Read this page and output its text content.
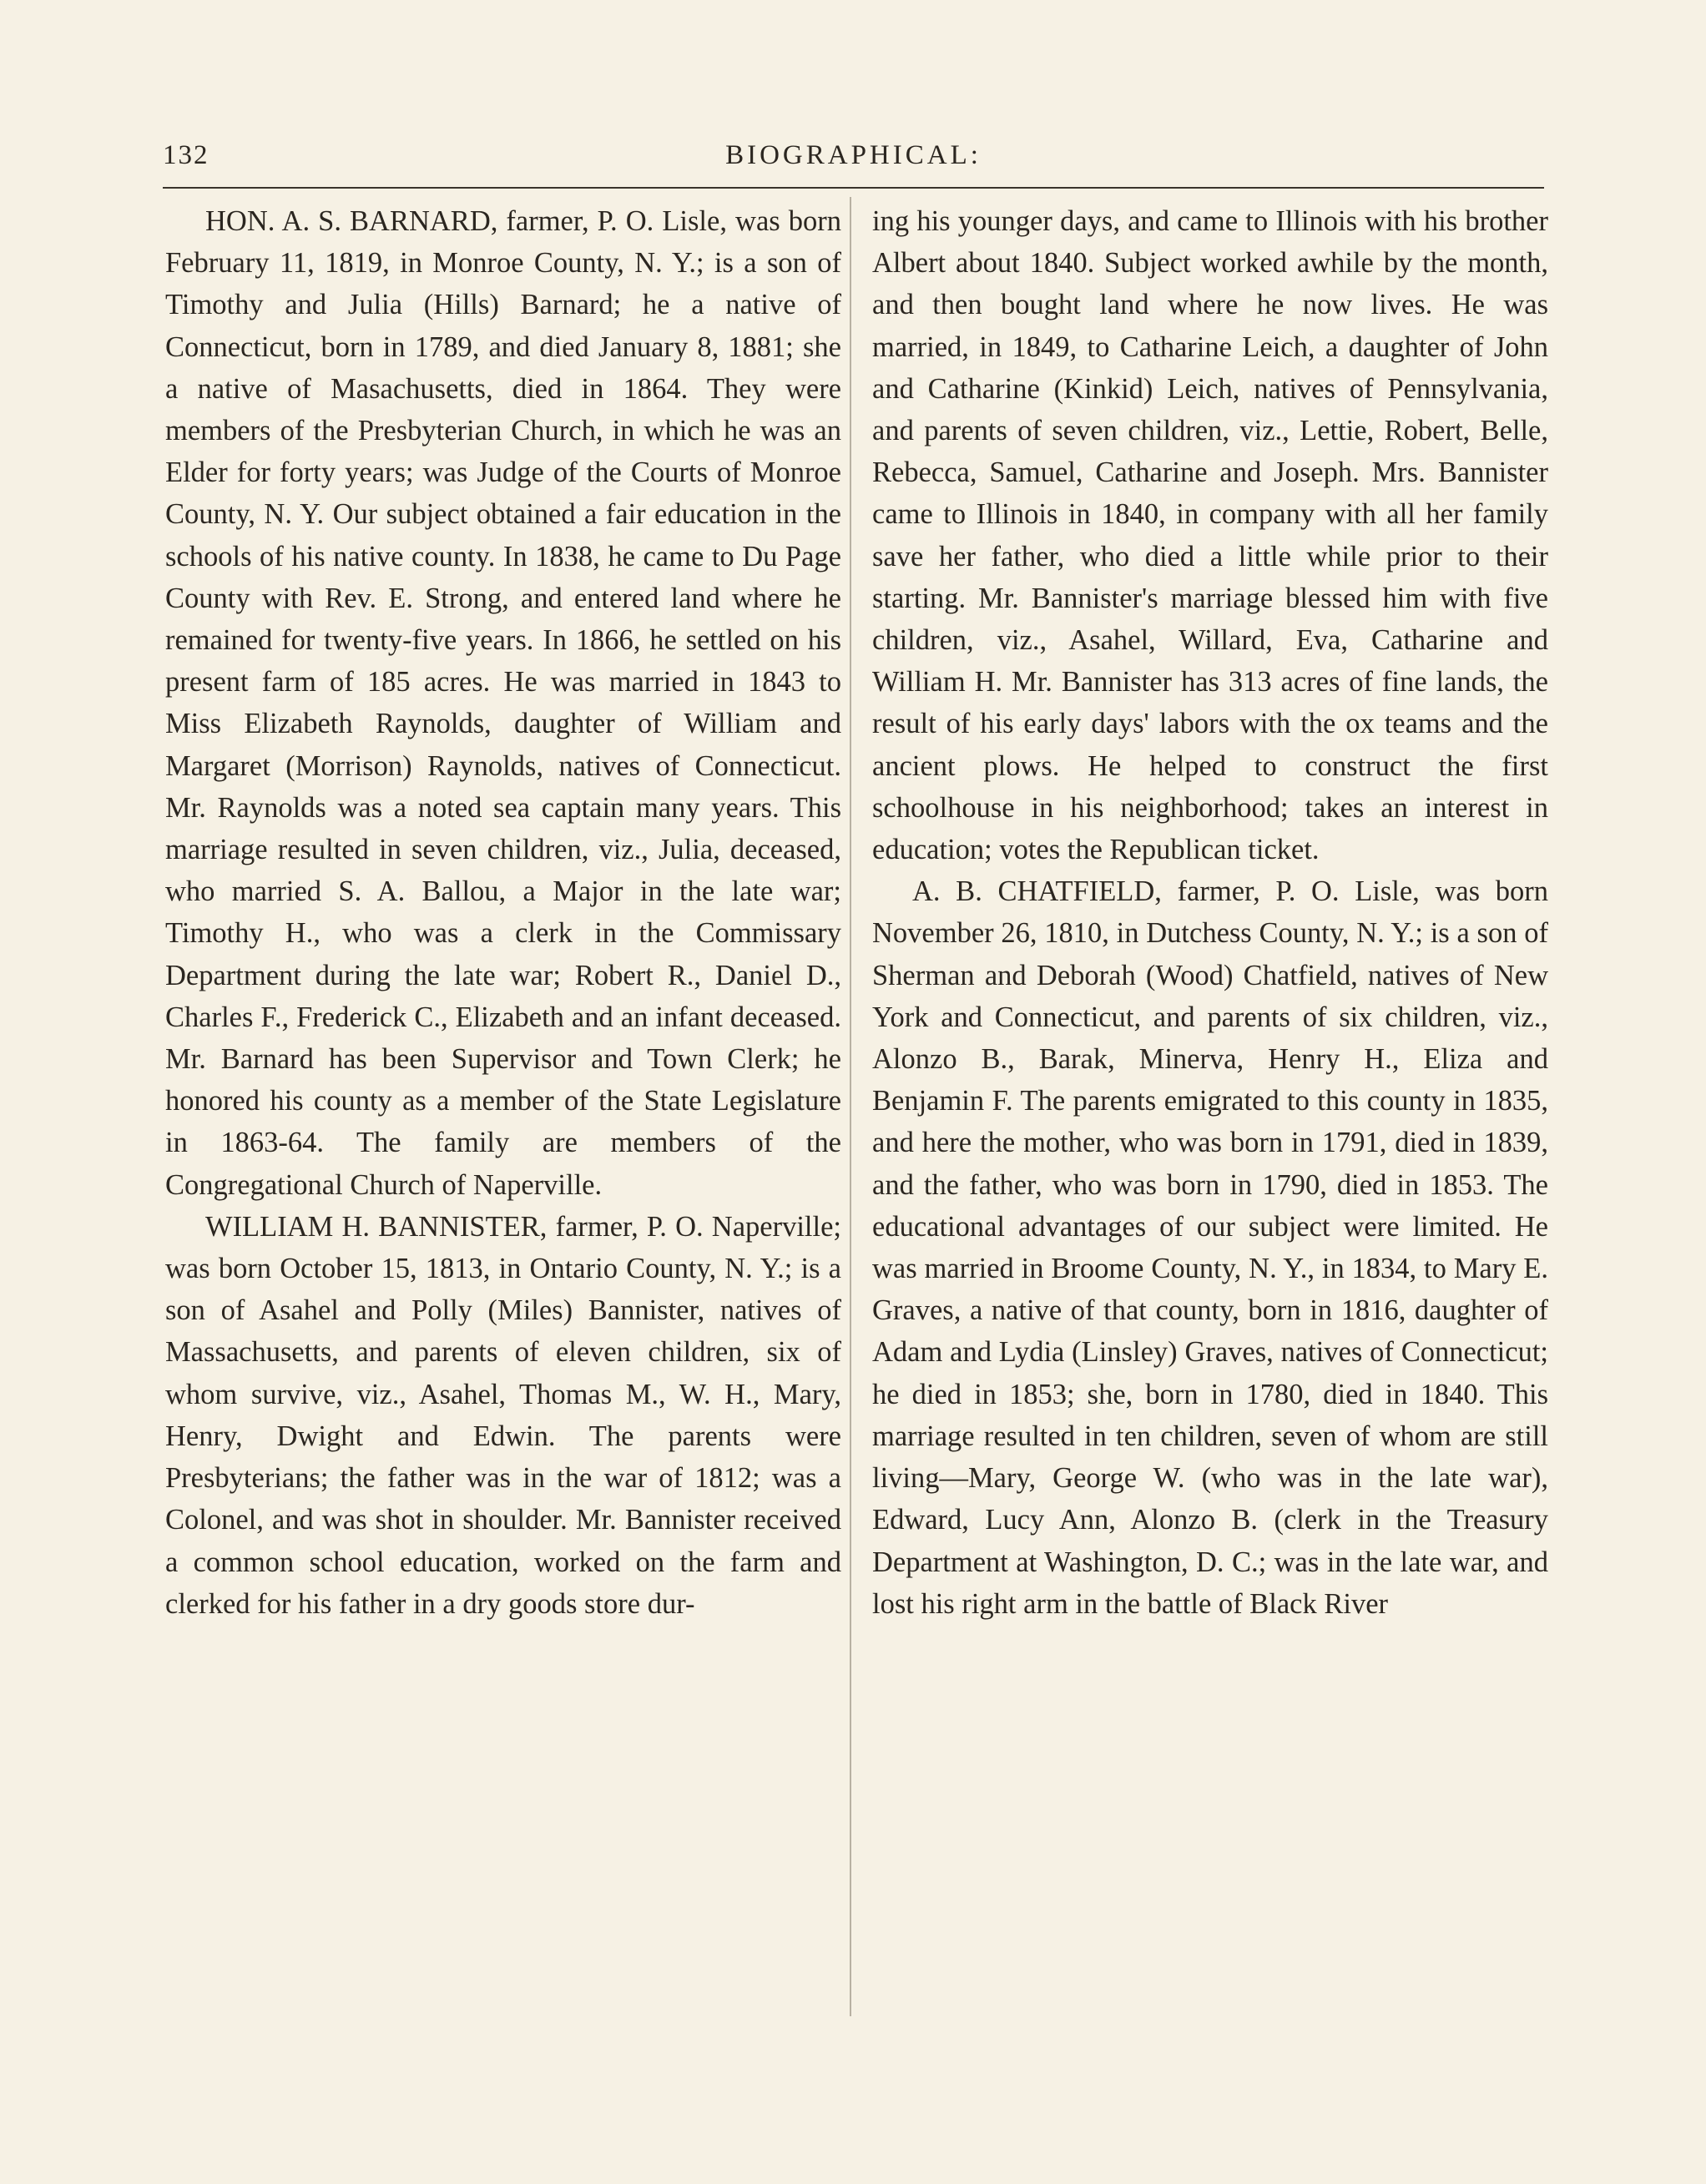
132	BIOGRAPHICAL:

HON. A. S. BARNARD, farmer, P. O. Lisle, was born February 11, 1819, in Monroe County, N. Y.; is a son of Timothy and Julia (Hills) Barnard; he a native of Connecticut, born in 1789, and died January 8, 1881; she a native of Masachusetts, died in 1864. They were members of the Presbyterian Church, in which he was an Elder for forty years; was Judge of the Courts of Monroe County, N. Y. Our subject obtained a fair education in the schools of his native county. In 1838, he came to Du Page County with Rev. E. Strong, and entered land where he remained for twenty-five years. In 1866, he settled on his present farm of 185 acres. He was married in 1843 to Miss Elizabeth Raynolds, daughter of William and Margaret (Morrison) Raynolds, natives of Connecticut. Mr. Raynolds was a noted sea captain many years. This marriage resulted in seven children, viz., Julia, deceased, who married S. A. Ballou, a Major in the late war; Timothy H., who was a clerk in the Commissary Department during the late war; Robert R., Daniel D., Charles F., Frederick C., Elizabeth and an infant deceased. Mr. Barnard has been Supervisor and Town Clerk; he honored his county as a member of the State Legislature in 1863-64. The family are members of the Congregational Church of Naperville.

WILLIAM H. BANNISTER, farmer, P. O. Naperville; was born October 15, 1813, in Ontario County, N. Y.; is a son of Asahel and Polly (Miles) Bannister, natives of Massachusetts, and parents of eleven children, six of whom survive, viz., Asahel, Thomas M., W. H., Mary, Henry, Dwight and Edwin. The parents were Presbyterians; the father was in the war of 1812; was a Colonel, and was shot in shoulder. Mr. Bannister received a common school education, worked on the farm and clerked for his father in a dry goods store dur-

ing his younger days, and came to Illinois with his brother Albert about 1840. Subject worked awhile by the month, and then bought land where he now lives. He was married, in 1849, to Catharine Leich, a daughter of John and Catharine (Kinkid) Leich, natives of Pennsylvania, and parents of seven children, viz., Lettie, Robert, Belle, Rebecca, Samuel, Catharine and Joseph. Mrs. Bannister came to Illinois in 1840, in company with all her family save her father, who died a little while prior to their starting. Mr. Bannister's marriage blessed him with five children, viz., Asahel, Willard, Eva, Catharine and William H. Mr. Bannister has 313 acres of fine lands, the result of his early days' labors with the ox teams and the ancient plows. He helped to construct the first schoolhouse in his neighborhood; takes an interest in education; votes the Republican ticket.

A. B. CHATFIELD, farmer, P. O. Lisle, was born November 26, 1810, in Dutchess County, N. Y.; is a son of Sherman and Deborah (Wood) Chatfield, natives of New York and Connecticut, and parents of six children, viz., Alonzo B., Barak, Minerva, Henry H., Eliza and Benjamin F. The parents emigrated to this county in 1835, and here the mother, who was born in 1791, died in 1839, and the father, who was born in 1790, died in 1853. The educational advantages of our subject were limited. He was married in Broome County, N. Y., in 1834, to Mary E. Graves, a native of that county, born in 1816, daughter of Adam and Lydia (Linsley) Graves, natives of Connecticut; he died in 1853; she, born in 1780, died in 1840. This marriage resulted in ten children, seven of whom are still living—Mary, George W. (who was in the late war), Edward, Lucy Ann, Alonzo B. (clerk in the Treasury Department at Washington, D. C.; was in the late war, and lost his right arm in the battle of Black River
